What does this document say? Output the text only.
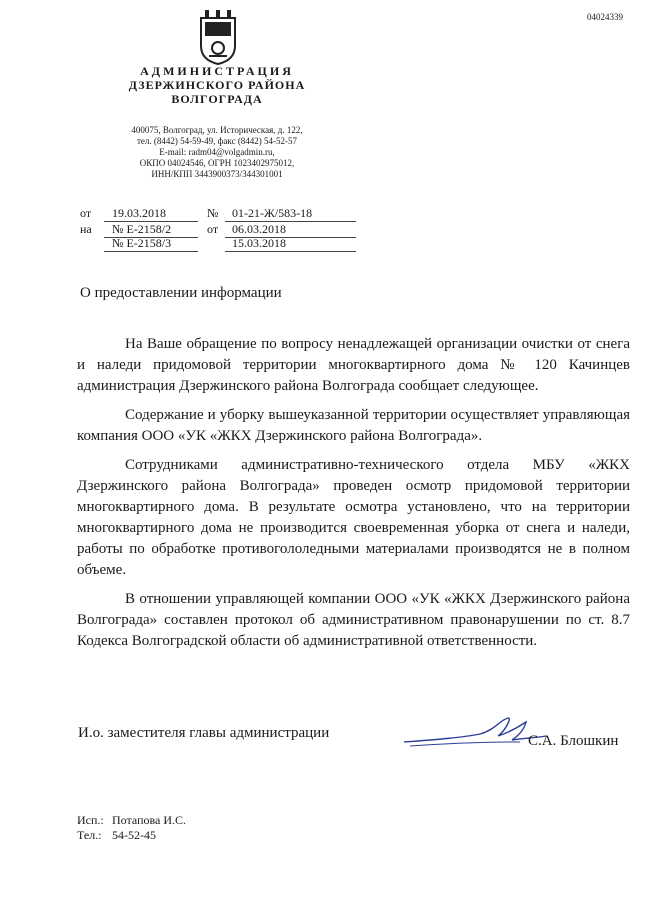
04024339
АДМИНИСТРАЦИЯ
ДЗЕРЖИНСКОГО РАЙОНА
ВОЛГОГРАДА
400075, Волгоград, ул. Историческая, д. 122,
тел. (8442) 54-59-49, факс (8442) 54-52-57
E-mail: radm04@volgadmin.ru,
ОКПО 04024546, ОГРН 1023402975012,
ИНН/КПП 3443900373/344301001
от 19.03.2018	№ 01-21-Ж/583-18
на № Е-2158/2	от 06.03.2018
№ Е-2158/3	15.03.2018
О предоставлении информации

На Ваше обращение по вопросу ненадлежащей организации очистки от снега и наледи придомовой территории многоквартирного дома № 120 Качинцев администрация Дзержинского района Волгограда сообщает следующее.

Содержание и уборку вышеуказанной территории осуществляет управляющая компания ООО «УК «ЖКХ Дзержинского района Волгограда».

Сотрудниками административно-технического отдела МБУ «ЖКХ Дзержинского района Волгограда» проведен осмотр придомовой территории многоквартирного дома. В результате осмотра установлено, что на территории многоквартирного дома не производится своевременная уборка от снега и наледи, работы по обработке противогололедными материалами производятся не в полном объеме.

В отношении управляющей компании ООО «УК «ЖКХ Дзержинского района Волгограда» составлен протокол об административном правонарушении по ст. 8.7 Кодекса Волгоградской области об административной ответственности.

И.о. заместителя главы администрации	С.А. Блошкин
Исп.: Потапова И.С.
Тел.: 54-52-45
